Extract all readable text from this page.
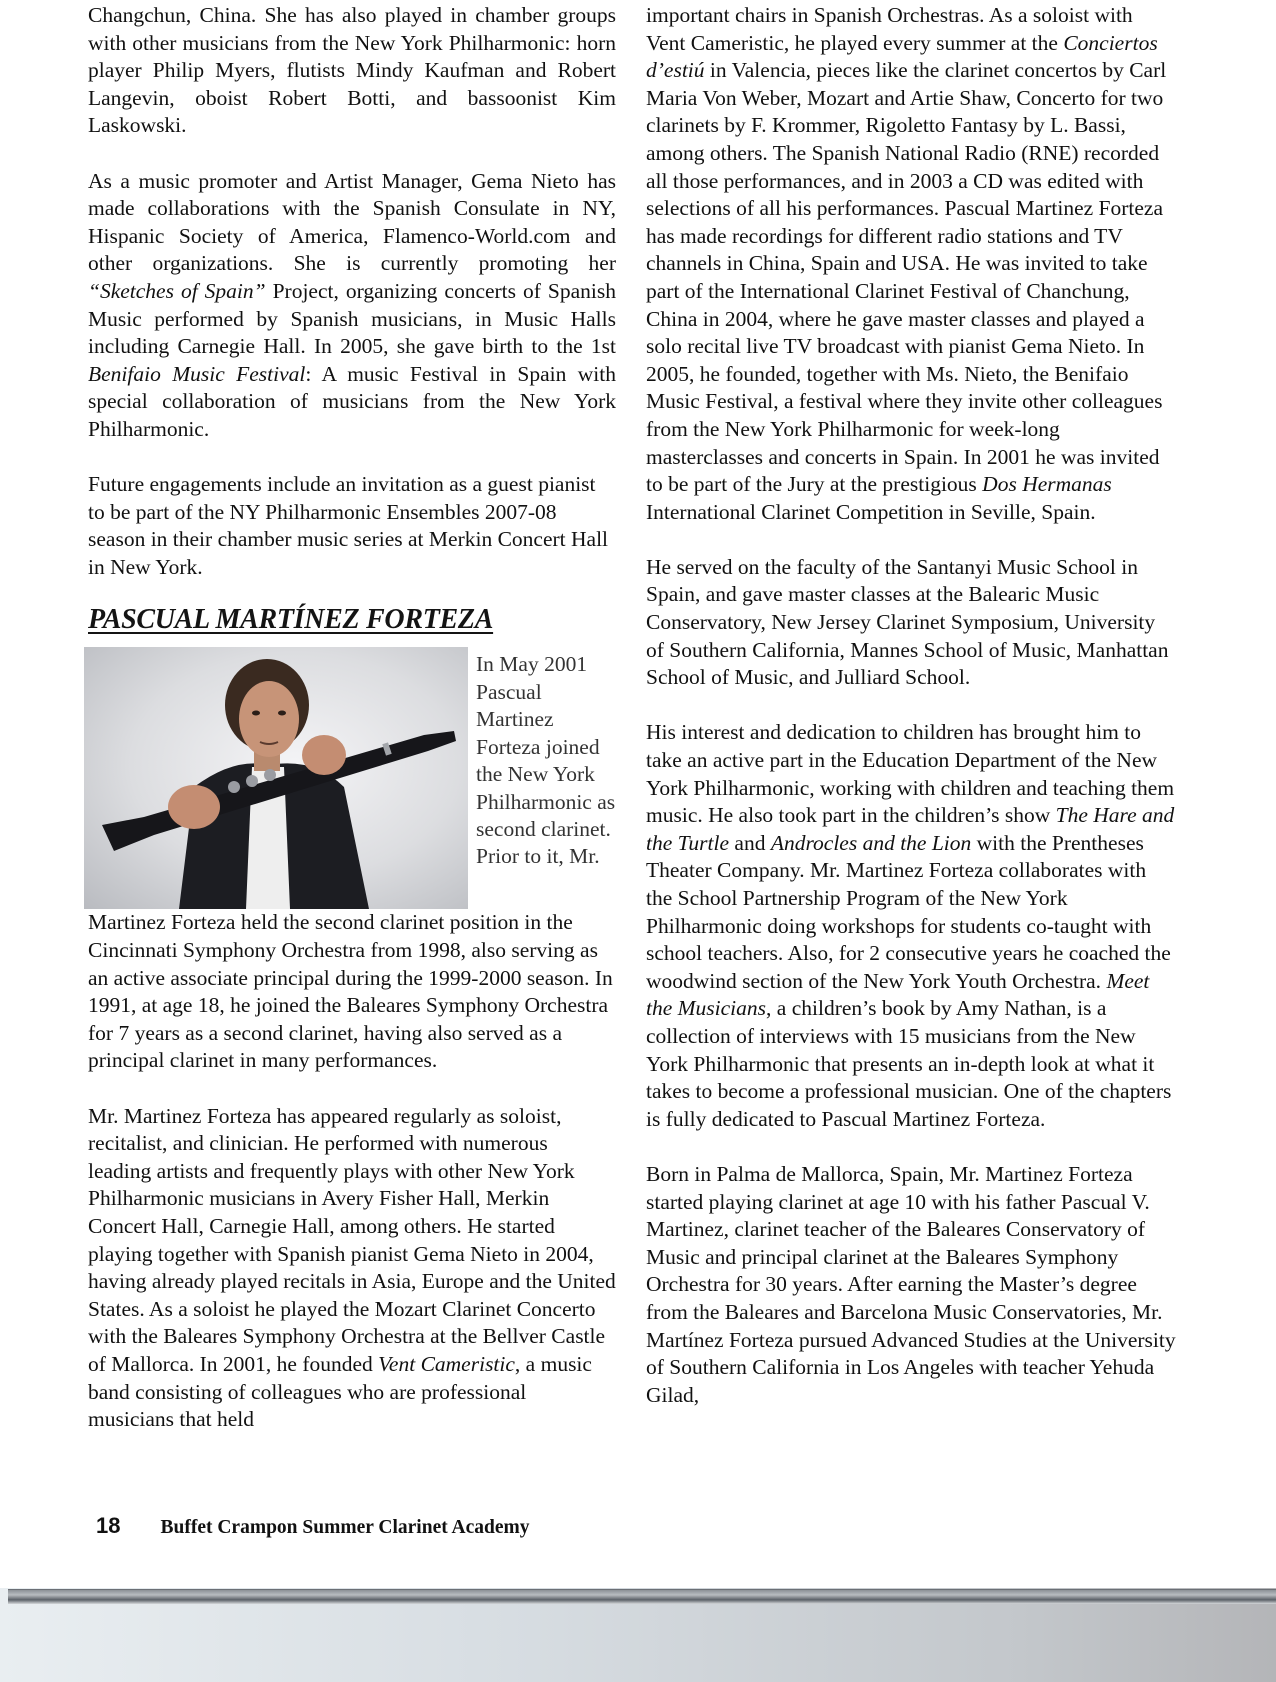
Changchun, China. She has also played in chamber groups with other musicians from the New York Philharmonic: horn player Philip Myers, flutists Mindy Kaufman and Robert Langevin, oboist Robert Botti, and bassoonist Kim Laskowski.

As a music promoter and Artist Manager, Gema Nieto has made collaborations with the Spanish Consulate in NY, Hispanic Society of America, Flamenco-World.com and other organizations. She is currently promoting her “Sketches of Spain” Project, organizing concerts of Spanish Music performed by Spanish musicians, in Music Halls including Carnegie Hall. In 2005, she gave birth to the 1st Benifaio Music Festival: A music Festival in Spain with special collaboration of musicians from the New York Philharmonic.

Future engagements include an invitation as a guest pianist to be part of the NY Philharmonic Ensembles 2007-08 season in their chamber music series at Merkin Concert Hall in New York.

PASCUAL MARTÍNEZ FORTEZA
In May 2001 Pascual Martinez Forteza joined the New York Philharmonic as second clarinet. Prior to it, Mr.

Martinez Forteza held the second clarinet position in the Cincinnati Symphony Orchestra from 1998, also serving as an active associate principal during the 1999-2000 season. In 1991, at age 18, he joined the Baleares Symphony Orchestra for 7 years as a second clarinet, having also served as a principal clarinet in many performances.

Mr. Martinez Forteza has appeared regularly as soloist, recitalist, and clinician. He performed with numerous leading artists and frequently plays with other New York Philharmonic musicians in Avery Fisher Hall, Merkin Concert Hall, Carnegie Hall, among others. He started playing together with Spanish pianist Gema Nieto in 2004, having already played recitals in Asia, Europe and the United States. As a soloist he played the Mozart Clarinet Concerto with the Baleares Symphony Orchestra at the Bellver Castle of Mallorca. In 2001, he founded Vent Cameristic, a music band consisting of colleagues who are professional musicians that held

important chairs in Spanish Orchestras. As a soloist with Vent Cameristic, he played every summer at the Conciertos d’estiú in Valencia, pieces like the clarinet concertos by Carl Maria Von Weber, Mozart and Artie Shaw, Concerto for two clarinets by F. Krommer, Rigoletto Fantasy by L. Bassi, among others. The Spanish National Radio (RNE) recorded all those performances, and in 2003 a CD was edited with selections of all his performances. Pascual Martinez Forteza has made recordings for different radio stations and TV channels in China, Spain and USA. He was invited to take part of the International Clarinet Festival of Chanchung, China in 2004, where he gave master classes and played a solo recital live TV broadcast with pianist Gema Nieto. In 2005, he founded, together with Ms. Nieto, the Benifaio Music Festival, a festival where they invite other colleagues from the New York Philharmonic for week-long masterclasses and concerts in Spain. In 2001 he was invited to be part of the Jury at the prestigious Dos Hermanas International Clarinet Competition in Seville, Spain.

He served on the faculty of the Santanyi Music School in Spain, and gave master classes at the Balearic Music Conservatory, New Jersey Clarinet Symposium, University of Southern California, Mannes School of Music, Manhattan School of Music, and Julliard School.

His interest and dedication to children has brought him to take an active part in the Education Department of the New York Philharmonic, working with children and teaching them music. He also took part in the children’s show The Hare and the Turtle and Androcles and the Lion with the Prentheses Theater Company. Mr. Martinez Forteza collaborates with the School Partnership Program of the New York Philharmonic doing workshops for students co-taught with school teachers. Also, for 2 consecutive years he coached the woodwind section of the New York Youth Orchestra. Meet the Musicians, a children’s book by Amy Nathan, is a collection of interviews with 15 musicians from the New York Philharmonic that presents an in-depth look at what it takes to become a professional musician. One of the chapters is fully dedicated to Pascual Martinez Forteza.

Born in Palma de Mallorca, Spain, Mr. Martinez Forteza started playing clarinet at age 10 with his father Pascual V. Martinez, clarinet teacher of the Baleares Conservatory of Music and principal clarinet at the Baleares Symphony Orchestra for 30 years. After earning the Master’s degree from the Baleares and Barcelona Music Conservatories, Mr. Martínez Forteza pursued Advanced Studies at the University of Southern California in Los Angeles with teacher Yehuda Gilad,

18 Buffet Crampon Summer Clarinet Academy
